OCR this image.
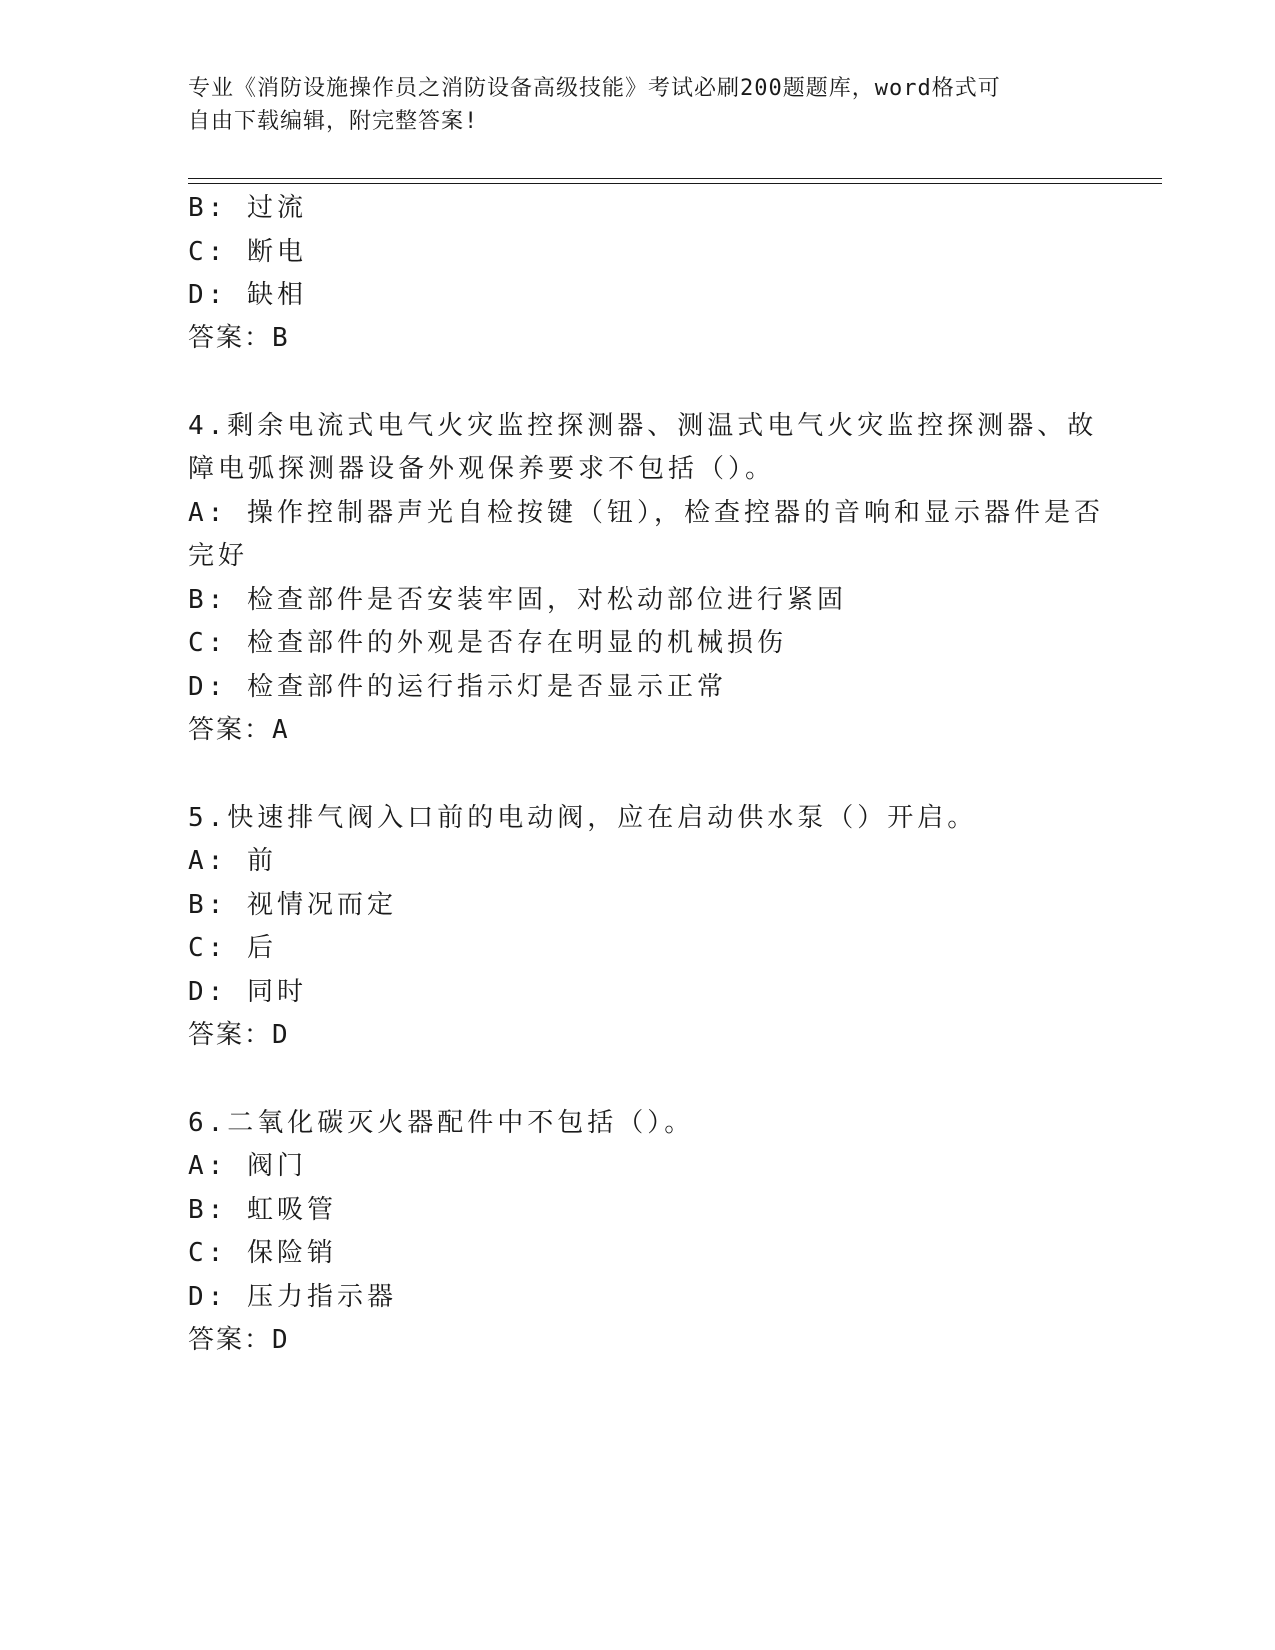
专业《消防设施操作员之消防设备高级技能》考试必刷200题题库，word格式可
自由下载编辑，附完整答案!
B: 过流
C: 断电
D: 缺相
答案：B
4.剩余电流式电气火灾监控探测器、测温式电气火灾监控探测器、故
障电弧探测器设备外观保养要求不包括（）。
A: 操作控制器声光自检按键（钮），检查控器的音响和显示器件是否
完好
B: 检查部件是否安装牢固，对松动部位进行紧固
C: 检查部件的外观是否存在明显的机械损伤
D: 检查部件的运行指示灯是否显示正常
答案：A
5.快速排气阀入口前的电动阀，应在启动供水泵（）开启。
A: 前
B: 视情况而定
C: 后
D: 同时
答案：D
6.二氧化碳灭火器配件中不包括（）。
A: 阀门
B: 虹吸管
C: 保险销
D: 压力指示器
答案：D
